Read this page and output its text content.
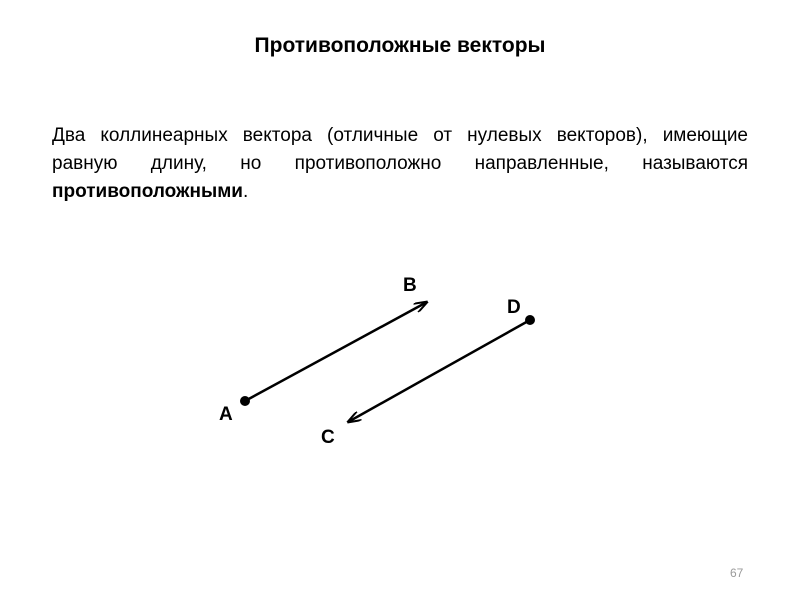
Противоположные векторы

Два коллинеарных вектора (отличные от нулевых векторов), имеющие равную длину, но противоположно направленные, называются противоположными.

A
B
C
D
67
